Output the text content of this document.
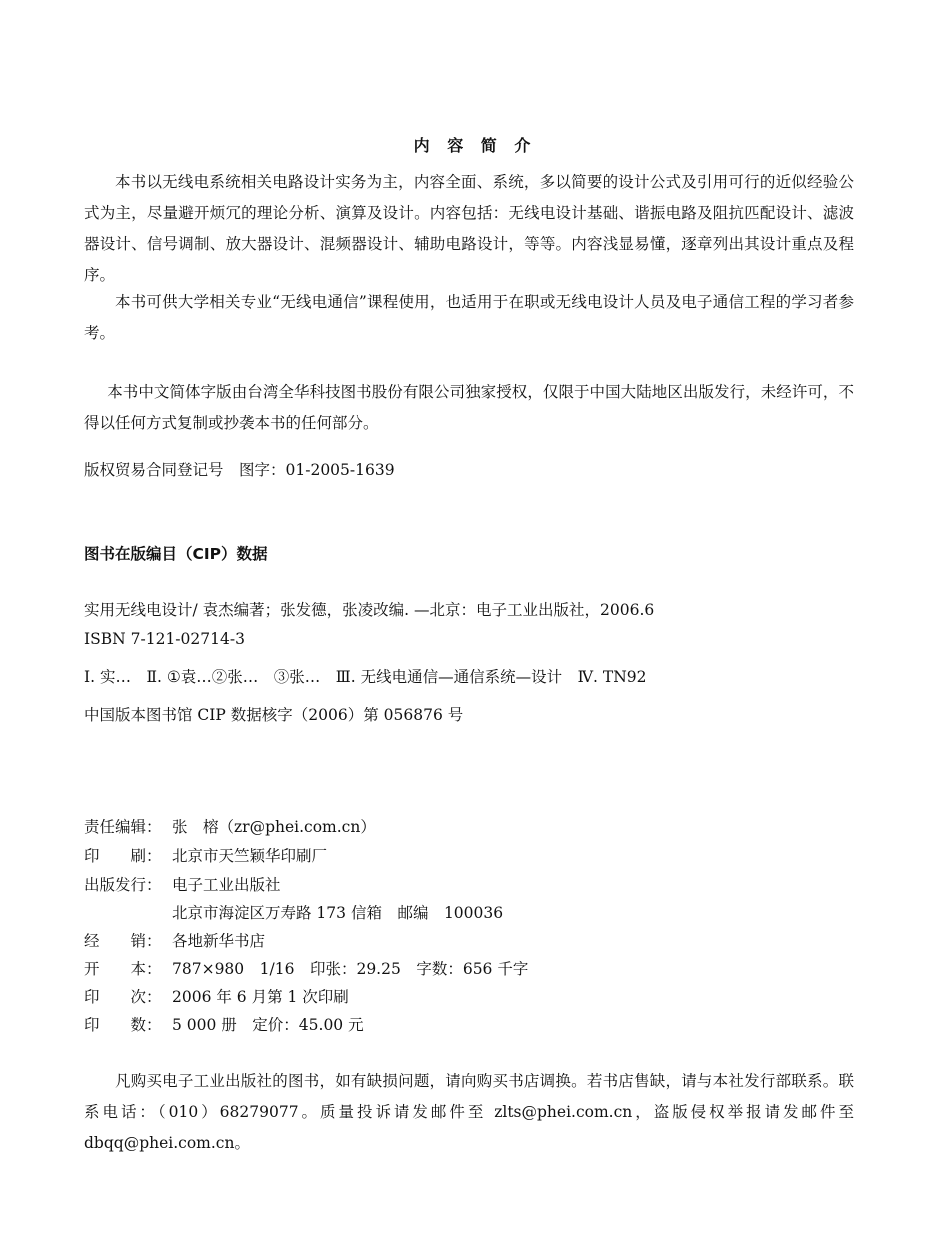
内 容 简 介

本书以无线电系统相关电路设计实务为主，内容全面、系统，多以简要的设计公式及引用可行的近似经验公式为主，尽量避开烦冗的理论分析、演算及设计。内容包括：无线电设计基础、谐振电路及阻抗匹配设计、滤波器设计、信号调制、放大器设计、混频器设计、辅助电路设计，等等。内容浅显易懂，逐章列出其设计重点及程序。

本书可供大学相关专业“无线电通信”课程使用，也适用于在职或无线电设计人员及电子通信工程的学习者参考。

本书中文简体字版由台湾全华科技图书股份有限公司独家授权，仅限于中国大陆地区出版发行，未经许可，不得以任何方式复制或抄袭本书的任何部分。

版权贸易合同登记号　图字：01-2005-1639
图书在版编目（CIP）数据
实用无线电设计/ 袁杰编著；张发德，张凌改编. —北京：电子工业出版社，2006.6
ISBN 7-121-02714-3
Ⅰ. 实…　Ⅱ. ①袁…②张…　③张…　Ⅲ. 无线电通信—通信系统—设计　Ⅳ. TN92
中国版本图书馆 CIP 数据核字（2006）第 056876 号
责任编辑： 张　榕（zr@phei.com.cn）
印　　刷： 北京市天竺颖华印刷厂
出版发行： 电子工业出版社
北京市海淀区万寿路 173 信箱　邮编　100036
经　　销： 各地新华书店
开　　本： 787×980　1/16　印张：29.25　字数：656 千字
印　　次： 2006 年 6 月第 1 次印刷
印　　数： 5 000 册　定价：45.00 元

凡购买电子工业出版社的图书，如有缺损问题，请向购买书店调换。若书店售缺，请与本社发行部联系。联系电话：（010）68279077。质量投诉请发邮件至 zlts@phei.com.cn，盗版侵权举报请发邮件至 dbqq@phei.com.cn。
